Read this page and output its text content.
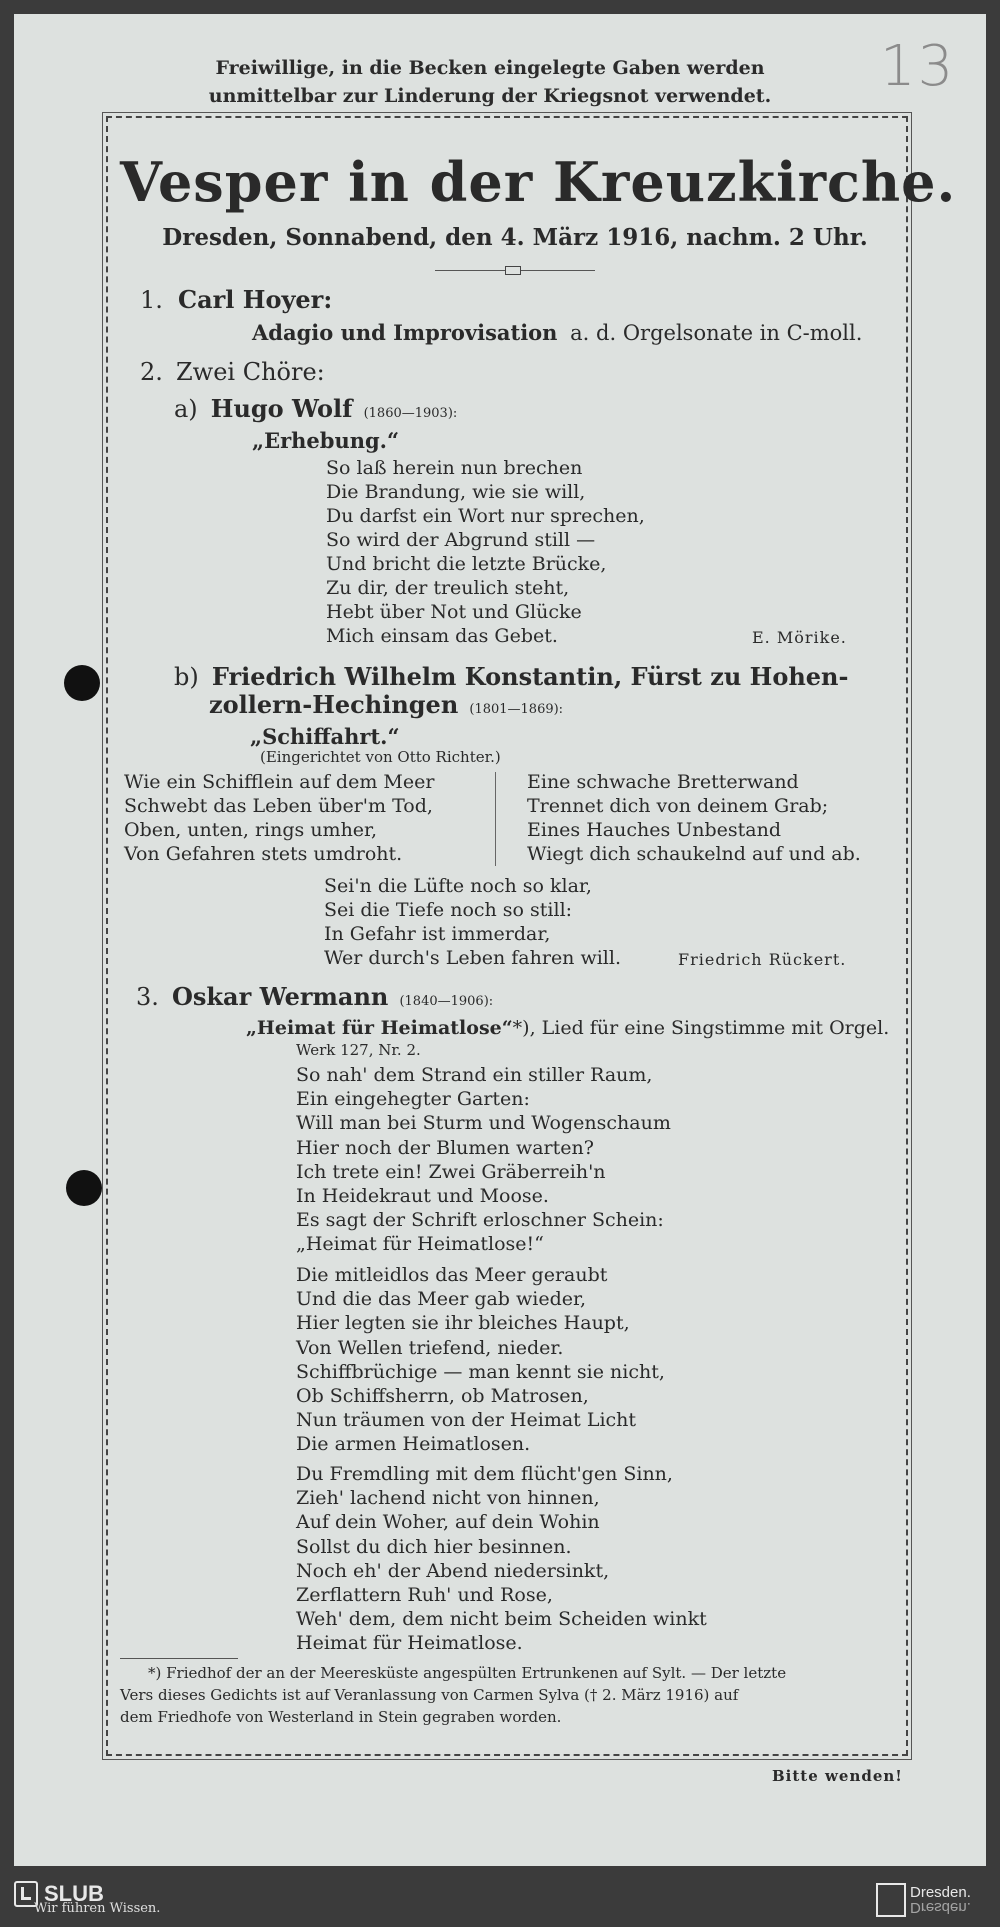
13
Freiwillige, in die Becken eingelegte Gaben werden
unmittelbar zur Linderung der Kriegsnot verwendet.
Vesper in der Kreuzkirche.
Dresden, Sonnabend, den 4. März 1916, nachm. 2 Uhr.
1. Carl Hoyer:
Adagio und Improvisation a. d. Orgelsonate in C-moll.
2. Zwei Chöre:
a) Hugo Wolf (1860—1903):
„Erhebung.“
So laß herein nun brechen
Die Brandung, wie sie will,
Du darfst ein Wort nur sprechen,
So wird der Abgrund still —
Und bricht die letzte Brücke,
Zu dir, der treulich steht,
Hebt über Not und Glücke
Mich einsam das Gebet.	E. Mörike.
b) Friedrich Wilhelm Konstantin, Fürst zu Hohen-
zollern-Hechingen (1801—1869):
„Schiffahrt.“
(Eingerichtet von Otto Richter.)
Wie ein Schifflein auf dem Meer
Schwebt das Leben über'm Tod,
Oben, unten, rings umher,
Von Gefahren stets umdroht.
Eine schwache Bretterwand
Trennet dich von deinem Grab;
Eines Hauches Unbestand
Wiegt dich schaukelnd auf und ab.
Sei'n die Lüfte noch so klar,
Sei die Tiefe noch so still:
In Gefahr ist immerdar,
Wer durch's Leben fahren will.	Friedrich Rückert.
3. Oskar Wermann (1840—1906):
„Heimat für Heimatlose“*), Lied für eine Singstimme mit Orgel.
Werk 127, Nr. 2.
So nah' dem Strand ein stiller Raum,
Ein eingehegter Garten:
Will man bei Sturm und Wogenschaum
Hier noch der Blumen warten?
Ich trete ein! Zwei Gräberreih'n
In Heidekraut und Moose.
Es sagt der Schrift erloschner Schein:
„Heimat für Heimatlose!“
Die mitleidlos das Meer geraubt
Und die das Meer gab wieder,
Hier legten sie ihr bleiches Haupt,
Von Wellen triefend, nieder.
Schiffbrüchige — man kennt sie nicht,
Ob Schiffsherrn, ob Matrosen,
Nun träumen von der Heimat Licht
Die armen Heimatlosen.
Du Fremdling mit dem flücht'gen Sinn,
Zieh' lachend nicht von hinnen,
Auf dein Woher, auf dein Wohin
Sollst du dich hier besinnen.
Noch eh' der Abend niedersinkt,
Zerflattern Ruh' und Rose,
Weh' dem, dem nicht beim Scheiden winkt
Heimat für Heimatlose.
*) Friedhof der an der Meeresküste angespülten Ertrunkenen auf Sylt. — Der letzte
Vers dieses Gedichts ist auf Veranlassung von Carmen Sylva († 2. März 1916) auf
dem Friedhofe von Westerland in Stein gegraben worden.
Bitte wenden!
SLUB
Wir führen Wissen.
Dresden.
Dresden.
